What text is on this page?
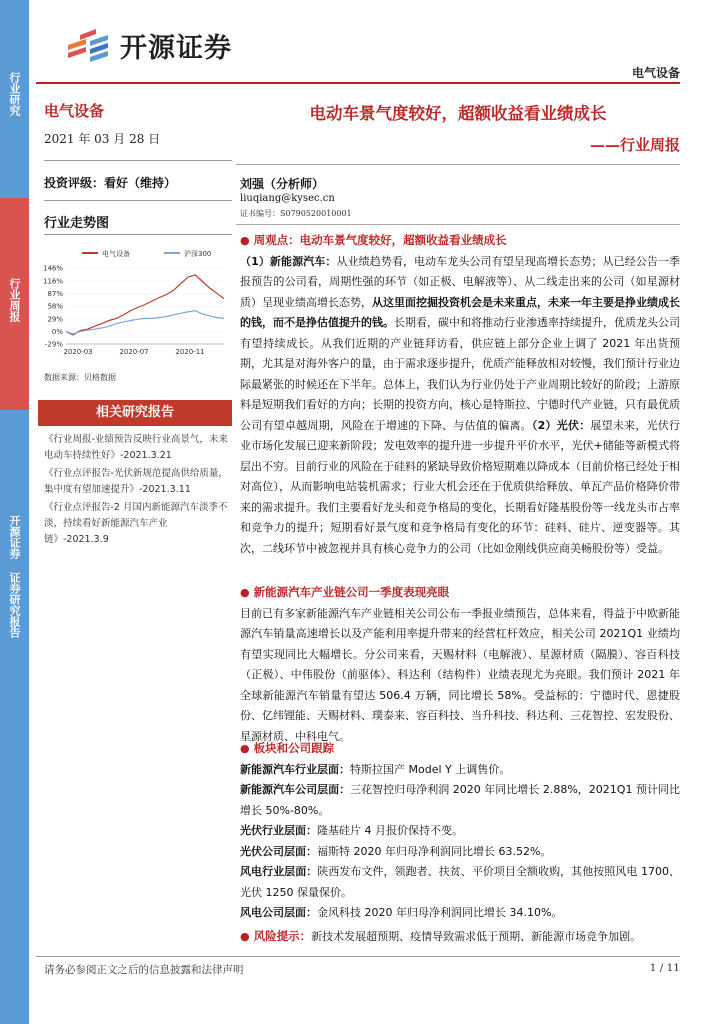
行业研究
行业周报
开源证券 证券研究报告
开源证券
电气设备
电气设备
2021 年 03 月 28 日
投资评级：看好（维持）
行业走势图
电气设备	沪深300
146%
116%
87%
58%
29%
0%
-29%
2020-03	2020-07	2020-11
数据来源：贝格数据
相关研究报告

《行业周报-业绩预告反映行业高景气，未来电动车持续性好》-2021.3.21

《行业点评报告-光伏新规范提高供给质量，集中度有望加速提升》-2021.3.11

《行业点评报告-2 月国内新能源汽车淡季不淡，持续看好新能源汽车产业链》-2021.3.9

电动车景气度较好，超额收益看业绩成长
——行业周报
刘强（分析师）
liuqiang@kysec.cn
证书编号：S0790520010001
● 周观点：电动车景气度较好，超额收益看业绩成长
（1）新能源汽车：从业绩趋势看，电动车龙头公司有望呈现高增长态势；从已经公告一季报预告的公司看，周期性强的环节（如正极、电解液等）、从二线走出来的公司（如星源材质）呈现业绩高增长态势，从这里面挖掘投资机会是未来重点，未来一年主要是挣业绩成长的钱，而不是挣估值提升的钱。长期看，碳中和将推动行业渗透率持续提升，优质龙头公司有望持续成长。从我们近期的产业链拜访看，供应链上部分企业上调了 2021 年出货预期，尤其是对海外客户的量，由于需求逐步提升，优质产能释放相对较慢，我们预计行业边际最紧张的时候还在下半年。总体上，我们认为行业仍处于产业周期比较好的阶段；上游原料是短期我们看好的方向；长期的投资方向，核心是特斯拉、宁德时代产业链，只有最优质公司有望卓越周期，风险在于增速的下降、与估值的偏离。（2）光伏：展望未来，光伏行业市场化发展已迎来新阶段；发电效率的提升进一步提升平价水平，光伏+储能等新模式将层出不穷。目前行业的风险在于硅料的紧缺导致价格短期难以降成本（目前价格已经处于相对高位），从而影响电站装机需求；行业大机会还在于优质供给释放、单瓦产品价格降价带来的需求提升。我们主要看好龙头和竞争格局的变化，长期看好隆基股份等一线龙头市占率和竞争力的提升；短期看好景气度和竞争格局有变化的环节：硅料、硅片、逆变器等。其次，二线环节中被忽视并具有核心竞争力的公司（比如金刚线供应商美畅股份等）受益。
● 新能源汽车产业链公司一季度表现亮眼
目前已有多家新能源汽车产业链相关公司公布一季报业绩预告，总体来看，得益于中欧新能源汽车销量高速增长以及产能利用率提升带来的经营杠杆效应，相关公司 2021Q1 业绩均有望实现同比大幅增长。分公司来看，天赐材料（电解液）、星源材质（隔膜）、容百科技（正极）、中伟股份（前驱体）、科达利（结构件）业绩表现尤为亮眼。我们预计 2021 年全球新能源汽车销量有望达 506.4 万辆，同比增长 58%。受益标的：宁德时代、恩捷股份、亿纬锂能、天赐材料、璞泰来、容百科技、当升科技、科达利、三花智控、宏发股份、星源材质、中科电气。
● 板块和公司跟踪
新能源汽车行业层面：特斯拉国产 Model Y 上调售价。
新能源汽车公司层面：三花智控归母净利润 2020 年同比增长 2.88%，2021Q1 预计同比增长 50%-80%。
光伏行业层面：隆基硅片 4 月报价保持不变。
光伏公司层面：福斯特 2020 年归母净利润同比增长 63.52%。
风电行业层面：陕西发布文件，领跑者、扶贫、平价项目全额收购，其他按照风电 1700、光伏 1250 保量保价。
风电公司层面：金风科技 2020 年归母净利润同比增长 34.10%。
● 风险提示：新技术发展超预期、疫情导致需求低于预期、新能源市场竞争加剧。
请务必参阅正文之后的信息披露和法律声明	1 / 11
